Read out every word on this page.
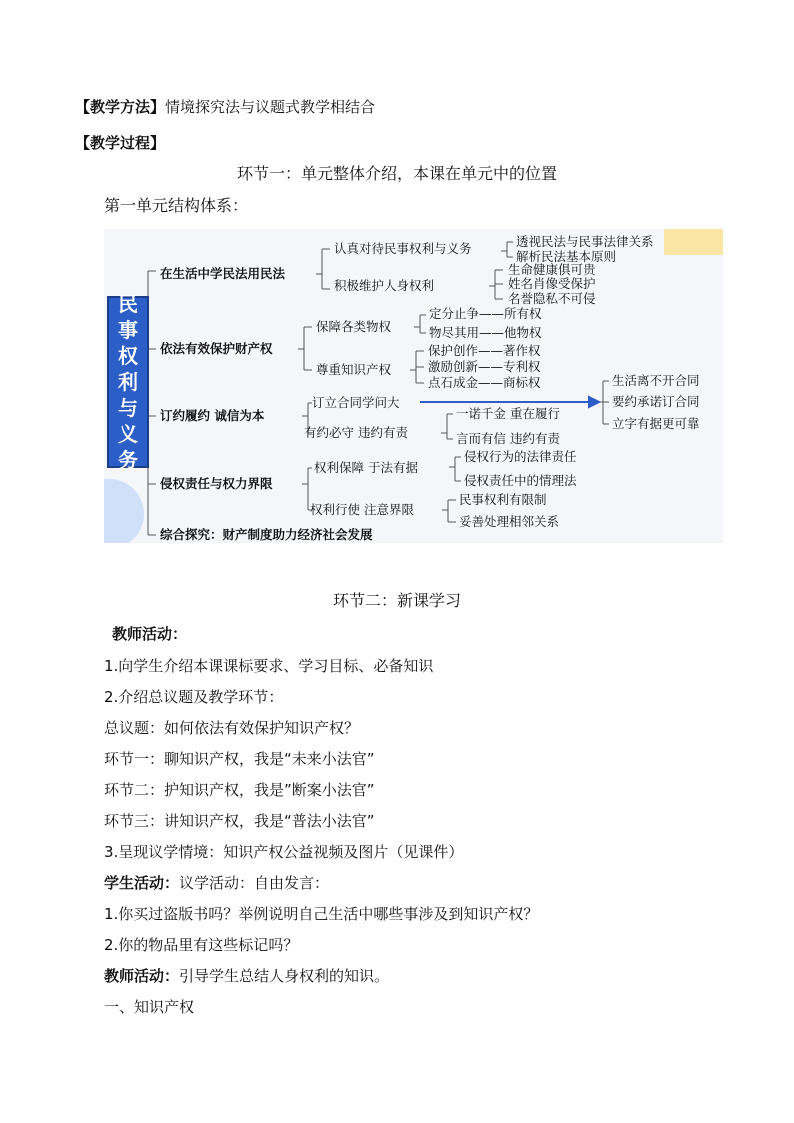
【教学方法】情境探究法与议题式教学相结合
【教学过程】
环节一：单元整体介绍，本课在单元中的位置
第一单元结构体系：
民
事
权
利
与
义
务
在生活中学民法用民法
依法有效保护财产权
订约履约 诚信为本
侵权责任与权力界限
综合探究：财产制度助力经济社会发展
认真对待民事权利与义务	透视民法与民事法律关系
解析民法基本原则
积极维护人身权利
生命健康俱可贵
姓名肖像受保护
名誉隐私不可侵
保障各类物权
定分止争——所有权
物尽其用——他物权
尊重知识产权
保护创作——著作权
激励创新——专利权
点石成金——商标权
订立合同学问大
生活离不开合同
要约承诺订合同
立字有据更可靠
有约必守 违约有责
一诺千金 重在履行
言而有信 违约有责
权利保障 于法有据
侵权行为的法律责任
侵权责任中的情理法
权利行使 注意界限
民事权利有限制
妥善处理相邻关系
环节二：新课学习
教师活动：
1.向学生介绍本课课标要求、学习目标、必备知识
2.介绍总议题及教学环节：
总议题：如何依法有效保护知识产权？
环节一：聊知识产权，我是“未来小法官”
环节二：护知识产权，我是”断案小法官”
环节三：讲知识产权，我是“普法小法官”
3.呈现议学情境：知识产权公益视频及图片（见课件）
学生活动：议学活动：自由发言：
1.你买过盗版书吗？举例说明自己生活中哪些事涉及到知识产权？
2.你的物品里有这些标记吗？
教师活动：引导学生总结人身权利的知识。
一、知识产权
